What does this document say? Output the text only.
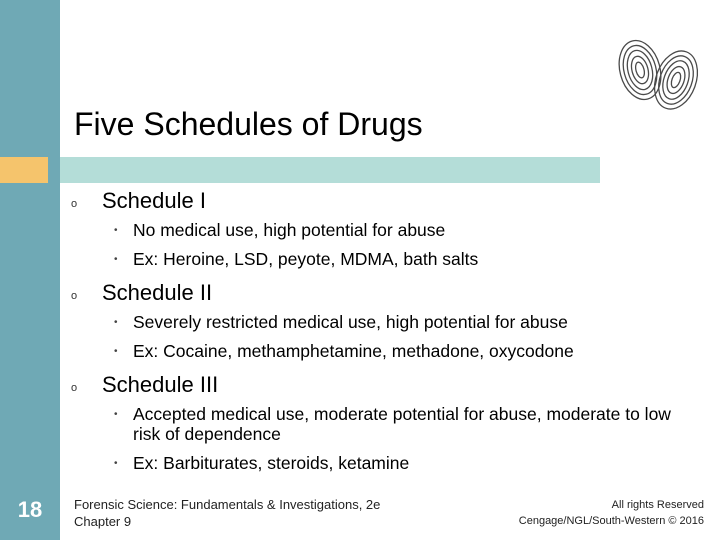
Five Schedules of Drugs
o Schedule I
• No medical use, high potential for abuse
• Ex: Heroine, LSD, peyote, MDMA, bath salts
o Schedule II
• Severely restricted medical use, high potential for abuse
• Ex: Cocaine, methamphetamine, methadone, oxycodone
o Schedule III
• Accepted medical use, moderate potential for abuse, moderate to low risk of dependence
• Ex: Barbiturates, steroids, ketamine
18	Forensic Science: Fundamentals & Investigations, 2e
Chapter 9
All rights Reserved
Cengage/NGL/South-Western © 2016
